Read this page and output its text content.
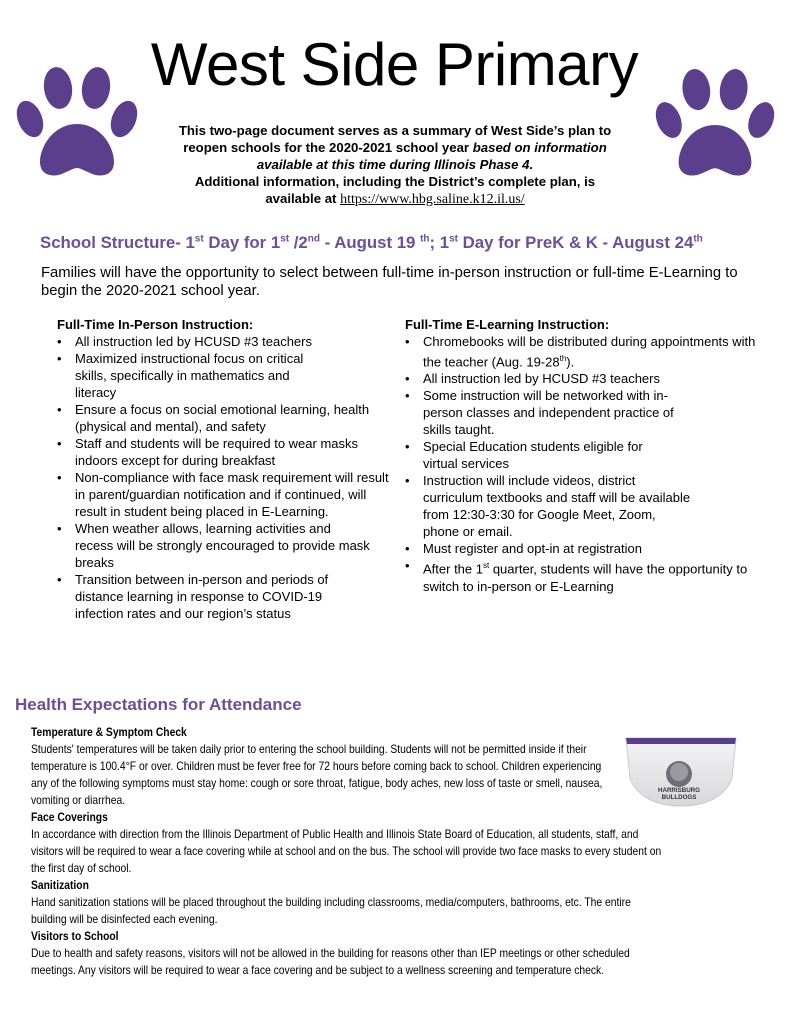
West Side Primary
This two-page document serves as a summary of West Side’s plan to
reopen schools for the 2020-2021 school year based on information
available at this time during Illinois Phase 4.
Additional information, including the District’s complete plan, is
available at https://www.hbg.saline.k12.il.us/
School Structure- 1st Day for 1st /2nd - August 19 $^{th}$; 1st Day for PreK & K - August 24th
Families will have the opportunity to select between full-time in-person instruction or full-time E-Learning to begin the 2020-2021 school year.
Full-Time In-Person Instruction:
• All instruction led by HCUSD #3 teachers
• Maximized instructional focus on critical skills, specifically in mathematics and literacy
• Ensure a focus on social emotional learning, health (physical and mental), and safety
• Staff and students will be required to wear masks indoors except for during breakfast
• Non-compliance with face mask requirement will result in parent/guardian notification and if continued, will result in student being placed in E-Learning.
• When weather allows, learning activities and recess will be strongly encouraged to provide mask breaks
• Transition between in-person and periods of distance learning in response to COVID-19 infection rates and our region’s status
Full-Time E-Learning Instruction:
• Chromebooks will be distributed during appointments with the teacher (Aug. 19-28th).
• All instruction led by HCUSD #3 teachers
• Some instruction will be networked with in-person classes and independent practice of skills taught.
• Special Education students eligible for virtual services
• Instruction will include videos, district curriculum textbooks and staff will be available from 12:30-3:30 for Google Meet, Zoom, phone or email.
• Must register and opt-in at registration
• After the 1st quarter, students will have the opportunity to switch to in-person or E-Learning
Health Expectations for Attendance
Temperature & Symptom Check

Students' temperatures will be taken daily prior to entering the school building. Students will not be permitted inside if their temperature is 100.4°F or over. Children must be fever free for 72 hours before coming back to school. Children experiencing any of the following symptoms must stay home: cough or sore throat, fatigue, body aches, new loss of taste or smell, nausea, vomiting or diarrhea.

Face Coverings

In accordance with direction from the Illinois Department of Public Health and Illinois State Board of Education, all students, staff, and visitors will be required to wear a face covering while at school and on the bus. The school will provide two face masks to every student on the first day of school.

Sanitization

Hand sanitization stations will be placed throughout the building including classrooms, media/computers, bathrooms, etc. The entire building will be disinfected each evening.

Visitors to School

Due to health and safety reasons, visitors will not be allowed in the building for reasons other than IEP meetings or other scheduled meetings. Any visitors will be required to wear a face covering and be subject to a wellness screening and temperature check.

HARRISBURG
BULLDOGS
